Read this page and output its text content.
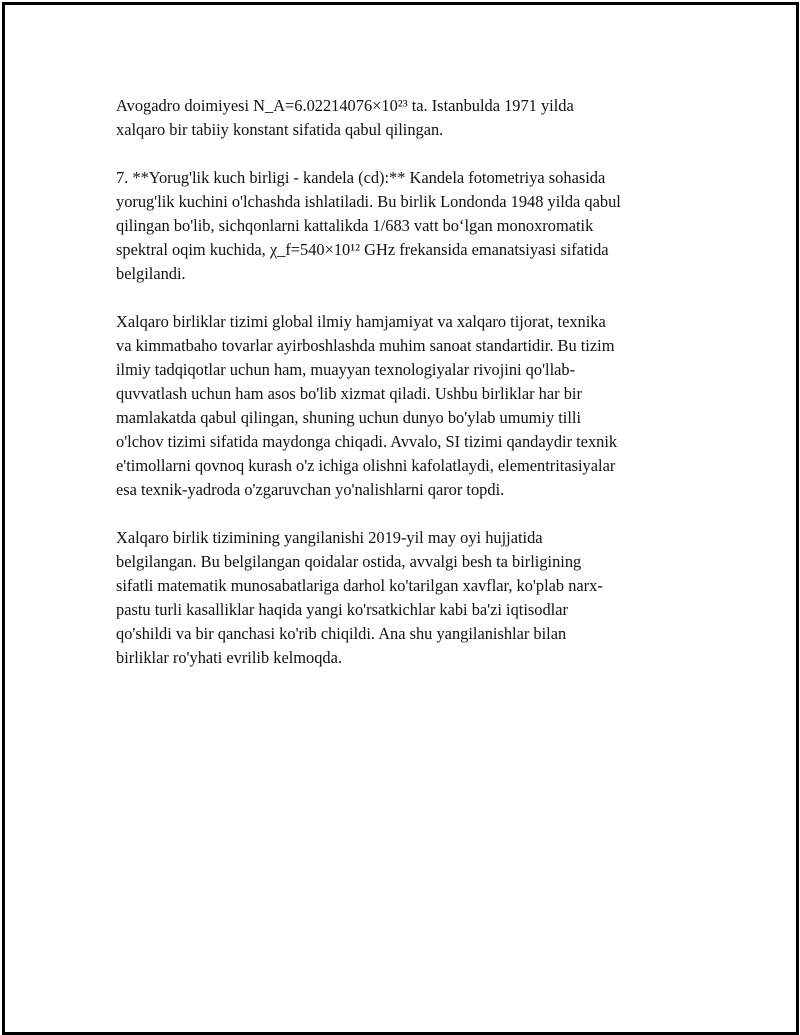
Avogadro doimiyesi N_A=6.02214076×10²³ ta. Istanbulda 1971 yilda
xalqaro bir tabiiy konstant sifatida qabul qilingan.

7. **Yorug'lik kuch birligi - kandela (cd):** Kandela fotometriya sohasida
yorug'lik kuchini o'lchashda ishlatiladi. Bu birlik Londonda 1948 yilda qabul
qilingan bo'lib, sichqonlarni kattalikda 1/683 vatt boʻlgan monoxromatik
spektral oqim kuchida, χ_f=540×10¹² GHz frekansida emanatsiyasi sifatida
belgilandi.

Xalqaro birliklar tizimi global ilmiy hamjamiyat va xalqaro tijorat, texnika
va kimmatbaho tovarlar ayirboshlashda muhim sanoat standartidir. Bu tizim
ilmiy tadqiqotlar uchun ham, muayyan texnologiyalar rivojini qo'llab-
quvvatlash uchun ham asos bo'lib xizmat qiladi. Ushbu birliklar har bir
mamlakatda qabul qilingan, shuning uchun dunyo bo'ylab umumiy tilli
o'lchov tizimi sifatida maydonga chiqadi. Avvalo, SI tizimi qandaydir texnik
e'timollarni qovnoq kurash o'z ichiga olishni kafolatlaydi, elementritasiyalar
esa texnik-yadroda o'zgaruvchan yo'nalishlarni qaror topdi.

Xalqaro birlik tizimining yangilanishi 2019-yil may oyi hujjatida
belgilangan. Bu belgilangan qoidalar ostida, avvalgi besh ta birligining
sifatli matematik munosabatlariga darhol ko'tarilgan xavflar, ko'plab narx-
pastu turli kasalliklar haqida yangi ko'rsatkichlar kabi ba'zi iqtisodlar
qo'shildi va bir qanchasi ko'rib chiqildi. Ana shu yangilanishlar bilan
birliklar ro'yhati evrilib kelmoqda.
